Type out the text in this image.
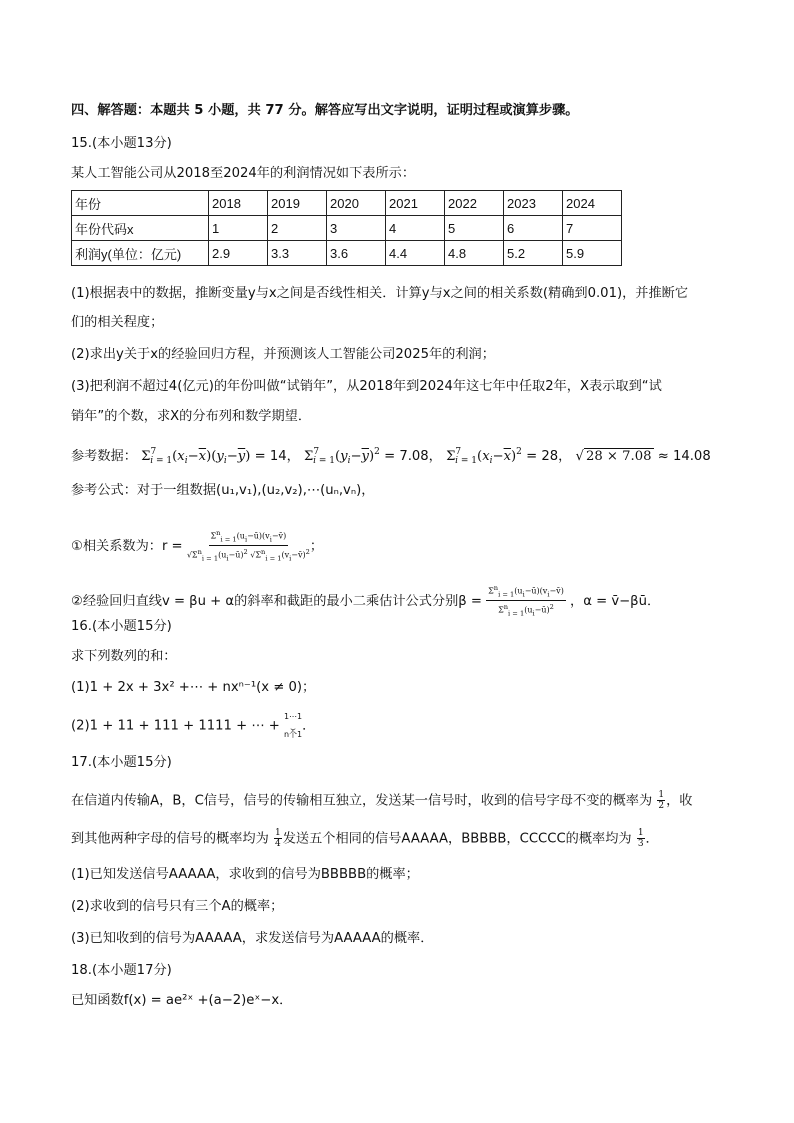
四、解答题：本题共 5 小题，共 77 分。解答应写出文字说明，证明过程或演算步骤。
15.(本小题13分)
某人工智能公司从2018至2024年的利润情况如下表所示：
年份	2018	2019	2020	2021	2022	2023	2024
年份代码x	1	2	3	4	5	6	7
利润y(单位：亿元)	2.9	3.3	3.6	4.4	4.8	5.2	5.9
(1)根据表中的数据，推断变量y与x之间是否线性相关．计算y与x之间的相关系数(精确到0.01)，并推断它
们的相关程度；
(2)求出y关于x的经验回归方程，并预测该人工智能公司2025年的利润；
(3)把利润不超过4(亿元)的年份叫做“试销年”，从2018年到2024年这七年中任取2年，X表示取到“试
销年”的个数，求X的分布列和数学期望．
参考数据： $\Sigma^7_{i = 1}(x_i-\overline{x})(y_i-\overline{y}) = 14$， $\Sigma^7_{i = 1}(y_i-\overline{y})^2 = 7.08$， $\Sigma^7_{i = 1}(x_i-\overline{x})^2 = 28$， √ 28 × 7.08 ≈ 14.08
参考公式：对于一组数据(u₁,v₁),(u₂,v₂),⋯(uₙ,vₙ)，
①相关系数为：$r = \frac{\Sigma^n_{i = 1}(u_i-ū)(v_i-v̄)}{√\Sigma^n_{i = 1}(u_i-ū)^2 √\Sigma^n_{i = 1}(v_i-v̄)^2}$ ；
②经验回归直线v = βu + α的斜率和截距的最小二乘估计公式分别$\beta = \frac{\Sigma^n_{i = 1}(u_i-ū)(v_i-v̄)}{\Sigma^n_{i = 1}(u_i-ū)^2}$ ，α = v̄−βū．
16.(本小题15分)
求下列数列的和：
(1)1 + 2x + 3x² +⋯ + nxⁿ⁻¹(x ≠ 0)；
(2)1 + 11 + 111 + 1111 + ⋯ +
1⋯1
⏟
n个1
．
17.(本小题15分)
在信道内传输A，B，C信号，信号的传输相互独立，发送某一信号时，收到的信号字母不变的概率为 $\frac{1}{2}$ ，收
到其他两种字母的信号的概率均为 $\frac{1}{4}$ 发送五个相同的信号AAAAA，BBBBB，CCCCC的概率均为 $\frac{1}{3}$ ．
(1)已知发送信号AAAAA，求收到的信号为BBBBB的概率；
(2)求收到的信号只有三个A的概率；
(3)已知收到的信号为AAAAA，求发送信号为AAAAA的概率．
18.(本小题17分)
已知函数f(x) = ae²ˣ +(a−2)eˣ−x．
